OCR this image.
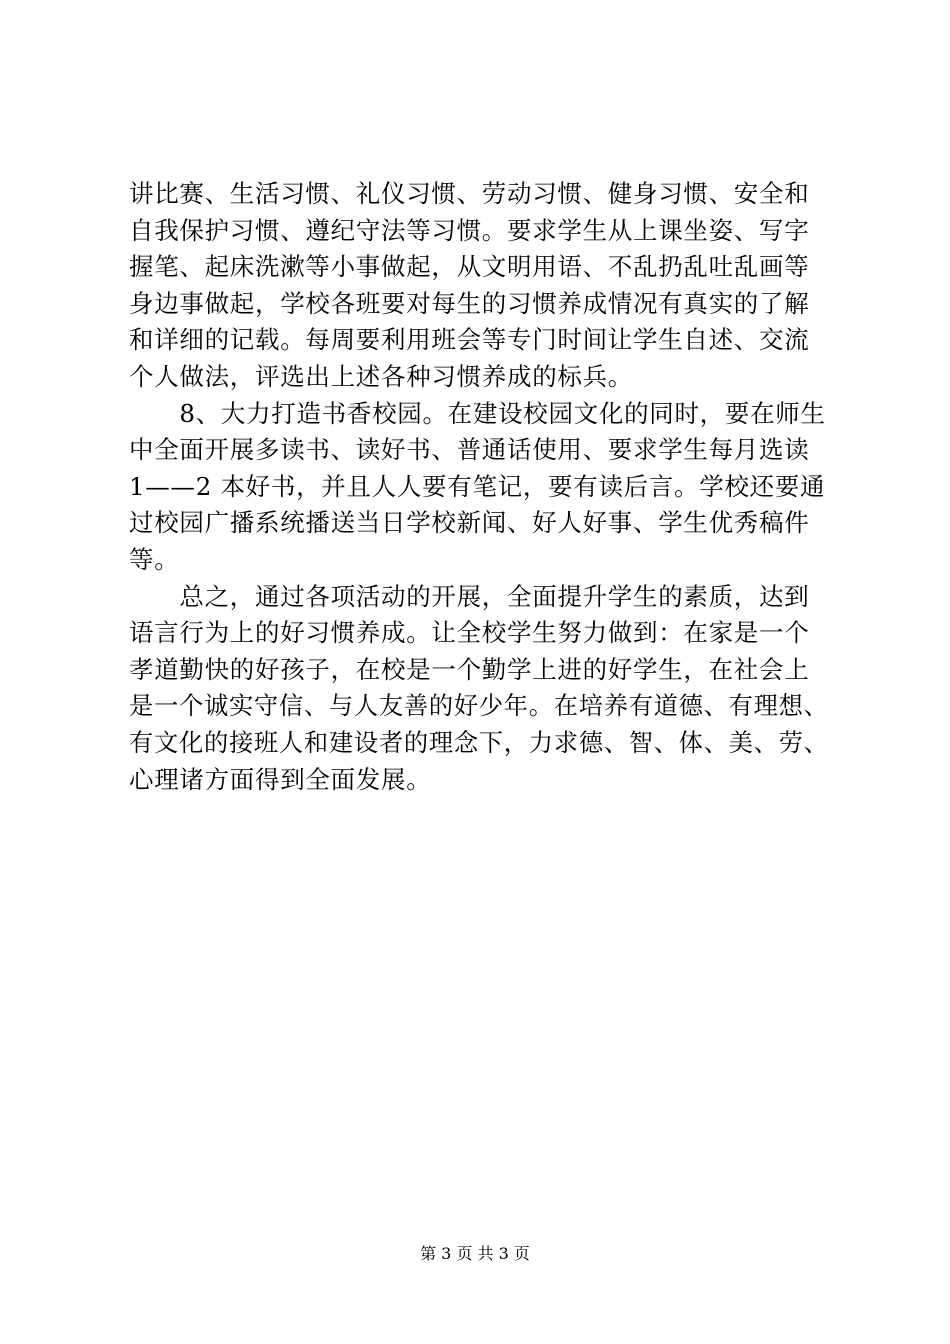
讲比赛、生活习惯、礼仪习惯、劳动习惯、健身习惯、安全和
自我保护习惯、遵纪守法等习惯。要求学生从上课坐姿、写字
握笔、起床洗漱等小事做起，从文明用语、不乱扔乱吐乱画等
身边事做起，学校各班要对每生的习惯养成情况有真实的了解
和详细的记载。每周要利用班会等专门时间让学生自述、交流
个人做法，评选出上述各种习惯养成的标兵。

　　8、大力打造书香校园。在建设校园文化的同时，要在师生
中全面开展多读书、读好书、普通话使用、要求学生每月选读
1——2 本好书，并且人人要有笔记，要有读后言。学校还要通
过校园广播系统播送当日学校新闻、好人好事、学生优秀稿件
等。

　　总之，通过各项活动的开展，全面提升学生的素质，达到
语言行为上的好习惯养成。让全校学生努力做到：在家是一个
孝道勤快的好孩子，在校是一个勤学上进的好学生，在社会上
是一个诚实守信、与人友善的好少年。在培养有道德、有理想、
有文化的接班人和建设者的理念下，力求德、智、体、美、劳、
心理诸方面得到全面发展。

第 3 页 共 3 页
